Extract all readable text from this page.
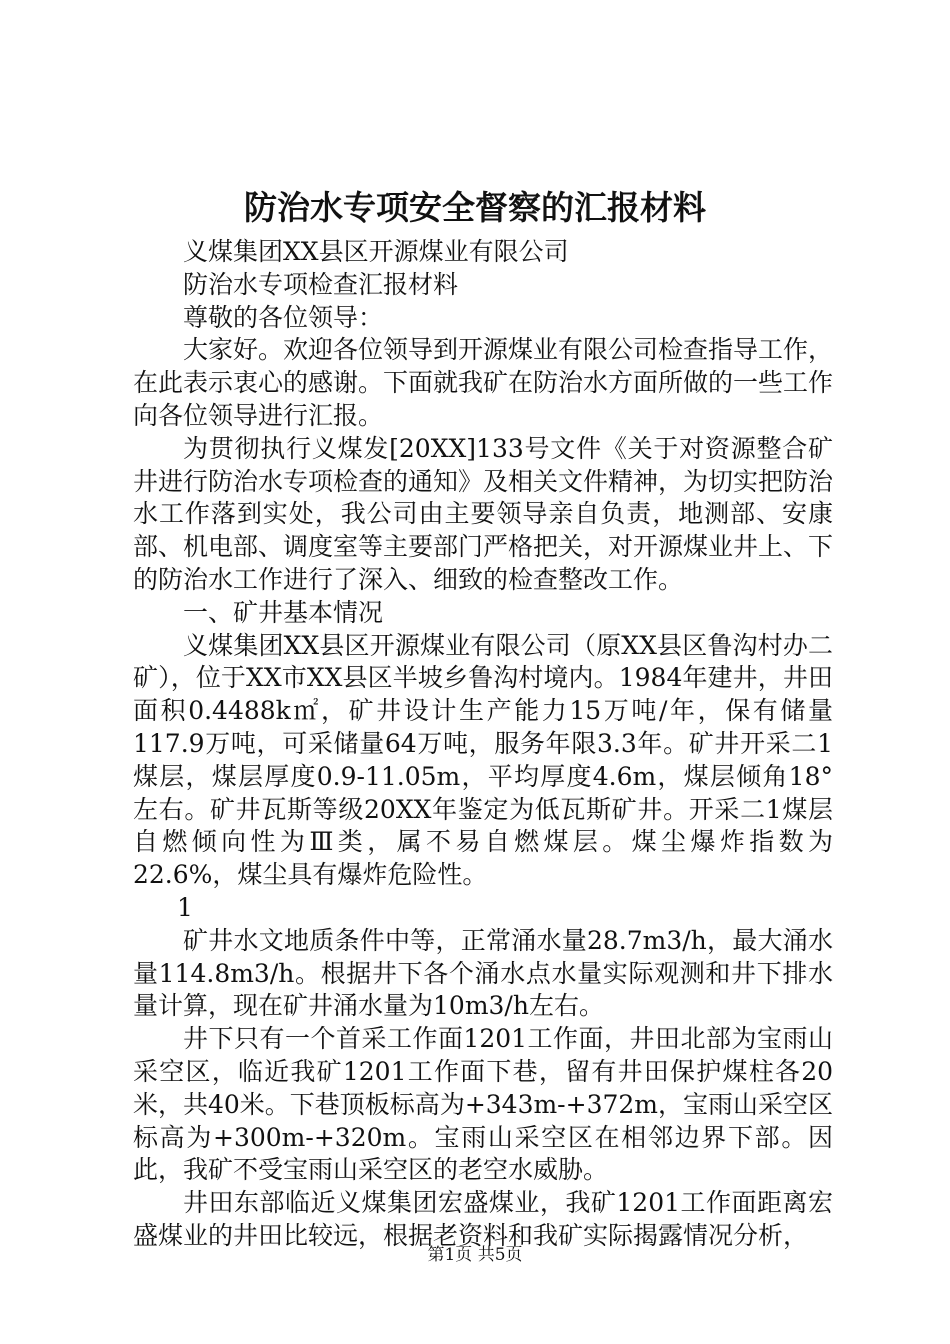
防治水专项安全督察的汇报材料

义煤集团XX县区开源煤业有限公司

防治水专项检查汇报材料

尊敬的各位领导：

大家好。欢迎各位领导到开源煤业有限公司检查指导工作，在此表示衷心的感谢。下面就我矿在防治水方面所做的一些工作向各位领导进行汇报。

为贯彻执行义煤发[20XX]133号文件《关于对资源整合矿井进行防治水专项检查的通知》及相关文件精神，为切实把防治水工作落到实处，我公司由主要领导亲自负责，地测部、安康部、机电部、调度室等主要部门严格把关，对开源煤业井上、下的防治水工作进行了深入、细致的检查整改工作。

一、矿井基本情况

义煤集团XX县区开源煤业有限公司（原XX县区鲁沟村办二矿），位于XX市XX县区半坡乡鲁沟村境内。1984年建井，井田面积0.4488k㎡，矿井设计生产能力15万吨/年，保有储量117.9万吨，可采储量64万吨，服务年限3.3年。矿井开采二1煤层，煤层厚度0.9-11.05m，平均厚度4.6m，煤层倾角18°左右。矿井瓦斯等级20XX年鉴定为低瓦斯矿井。开采二1煤层自燃倾向性为Ⅲ类，属不易自燃煤层。煤尘爆炸指数为22.6%，煤尘具有爆炸危险性。

1

矿井水文地质条件中等，正常涌水量28.7m3/h，最大涌水量114.8m3/h。根据井下各个涌水点水量实际观测和井下排水量计算，现在矿井涌水量为10m3/h左右。

井下只有一个首采工作面1201工作面，井田北部为宝雨山采空区，临近我矿1201工作面下巷，留有井田保护煤柱各20米，共40米。下巷顶板标高为+343m-+372m，宝雨山采空区标高为+300m-+320m。宝雨山采空区在相邻边界下部。因此，我矿不受宝雨山采空区的老空水威胁。

井田东部临近义煤集团宏盛煤业，我矿1201工作面距离宏盛煤业的井田比较远，根据老资料和我矿实际揭露情况分析，

第1页 共5页
